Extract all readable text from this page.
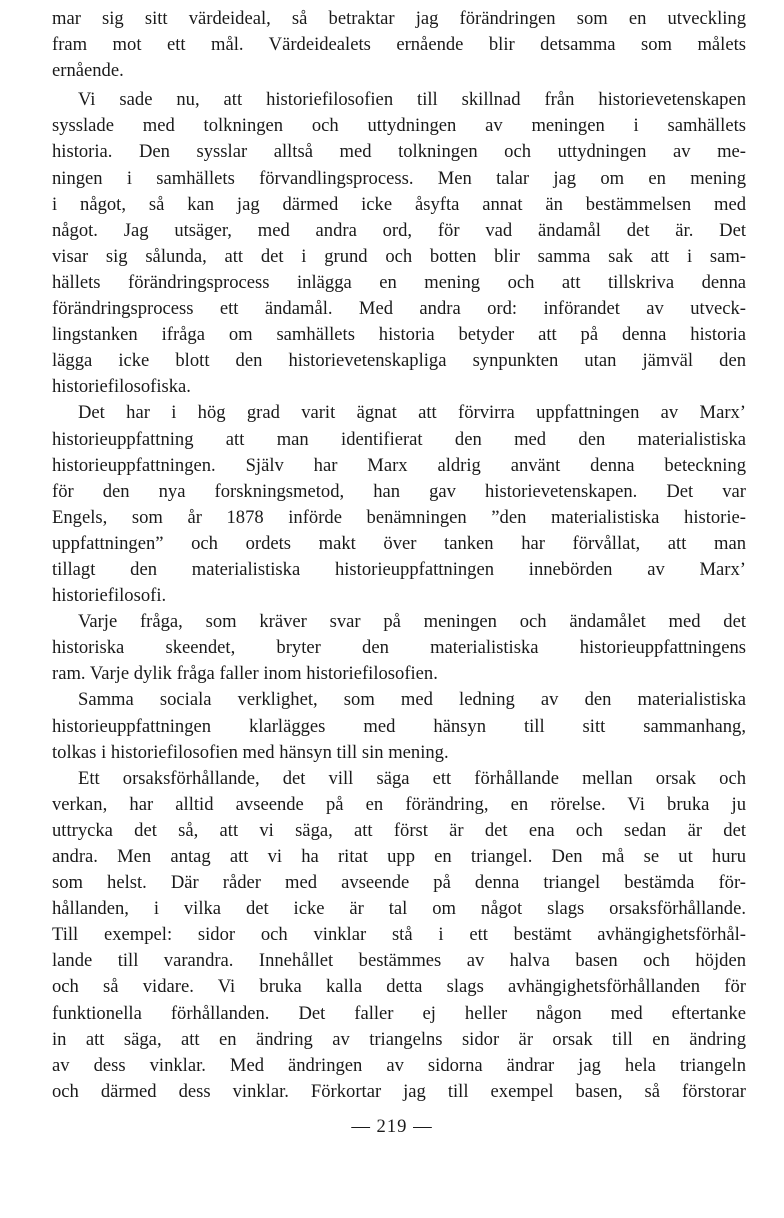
mar sig sitt värdeideal, så betraktar jag förändringen som en utveckling
fram mot ett mål. Värdeidealets ernående blir detsamma som målets
ernående.
Vi sade nu, att historiefilosofien till skillnad från historievetenskapen
sysslade med tolkningen och uttydningen av meningen i samhällets
historia. Den sysslar alltså med tolkningen och uttydningen av me-
ningen i samhällets förvandlingsprocess. Men talar jag om en mening
i något, så kan jag därmed icke åsyfta annat än bestämmelsen med
något. Jag utsäger, med andra ord, för vad ändamål det är. Det
visar sig sålunda, att det i grund och botten blir samma sak att i sam-
hällets förändringsprocess inlägga en mening och att tillskriva denna
förändringsprocess ett ändamål. Med andra ord: införandet av utveck-
lingstanken ifråga om samhällets historia betyder att på denna historia
lägga icke blott den historievetenskapliga synpunkten utan jämväl den
historiefilosofiska.
Det har i hög grad varit ägnat att förvirra uppfattningen av Marx’
historieuppfattning att man identifierat den med den materialistiska
historieuppfattningen. Själv har Marx aldrig använt denna beteckning
för den nya forskningsmetod, han gav historievetenskapen. Det var
Engels, som år 1878 införde benämningen ”den materialistiska historie-
uppfattningen” och ordets makt över tanken har förvållat, att man
tillagt den materialistiska historieuppfattningen innebörden av Marx’
historiefilosofi.
Varje fråga, som kräver svar på meningen och ändamålet med det
historiska skeendet, bryter den materialistiska historieuppfattningens
ram. Varje dylik fråga faller inom historiefilosofien.
Samma sociala verklighet, som med ledning av den materialistiska
historieuppfattningen klarlägges med hänsyn till sitt sammanhang,
tolkas i historiefilosofien med hänsyn till sin mening.
Ett orsaksförhållande, det vill säga ett förhållande mellan orsak och
verkan, har alltid avseende på en förändring, en rörelse. Vi bruka ju
uttrycka det så, att vi säga, att först är det ena och sedan är det
andra. Men antag att vi ha ritat upp en triangel. Den må se ut huru
som helst. Där råder med avseende på denna triangel bestämda för-
hållanden, i vilka det icke är tal om något slags orsaksförhållande.
Till exempel: sidor och vinklar stå i ett bestämt avhängighetsförhål-
lande till varandra. Innehållet bestämmes av halva basen och höjden
och så vidare. Vi bruka kalla detta slags avhängighetsförhållanden för
funktionella förhållanden. Det faller ej heller någon med eftertanke
in att säga, att en ändring av triangelns sidor är orsak till en ändring
av dess vinklar. Med ändringen av sidorna ändrar jag hela triangeln
och därmed dess vinklar. Förkortar jag till exempel basen, så förstorar
— 219 —
